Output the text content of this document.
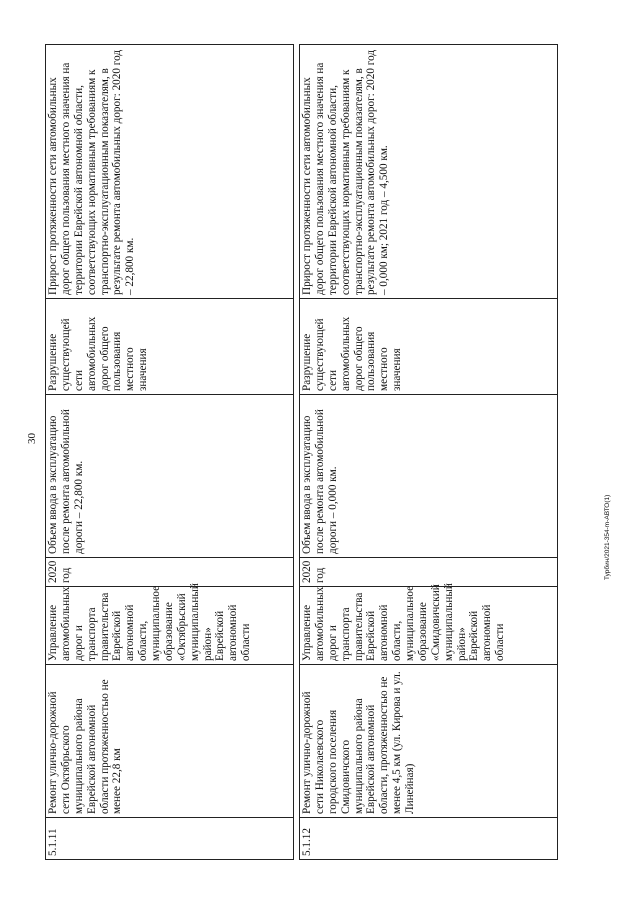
30
5.1.11	Ремонт улично-дорожной сети Октябрьского муниципального района Еврейской автономной области протяженностью не менее 22,8 км	Управление автомобильных дорог и транспорта правительства Еврейской автономной области, муниципальное образование «Октябрьский муниципальный район» Еврейской автономной области	2020 год	Объем ввода в эксплуатацию после ремонта автомобильной дороги – 22,800 км.	Разрушение существующей сети автомобильных дорог общего пользования местного значения	Прирост протяженности сети автомобильных дорог общего пользования местного значения на территории Еврейской автономной области, соответствующих нормативным требованиям к транспортно-эксплуатационным показателям, в результате ремонта автомобильных дорог: 2020 год – 22,800 км.

5.1.12	Ремонт улично-дорожной сети Николаевского городского поселения Смидовичского муниципального района Еврейской автономной области, протяженностью не менее 4,5 км (ул. Кирова и ул. Линейная)	Управление автомобильных дорог и транспорта правительства Еврейской автономной области, муниципальное образование «Смидовичский муниципальный район» Еврейской автономной области	2020 год	Объем ввода в эксплуатацию после ремонта автомобильной дороги – 0,000 км.	Разрушение существующей сети автомобильных дорог общего пользования местного значения	Прирост протяженности сети автомобильных дорог общего пользования местного значения на территории Еврейской автономной области, соответствующих нормативным требованиям к транспортно-эксплуатационным показателям, в результате ремонта автомобильных дорог: 2020 год – 0,000 км; 2021 год – 4,500 км.
Турбин/2021-354-m-АВТО(1)
